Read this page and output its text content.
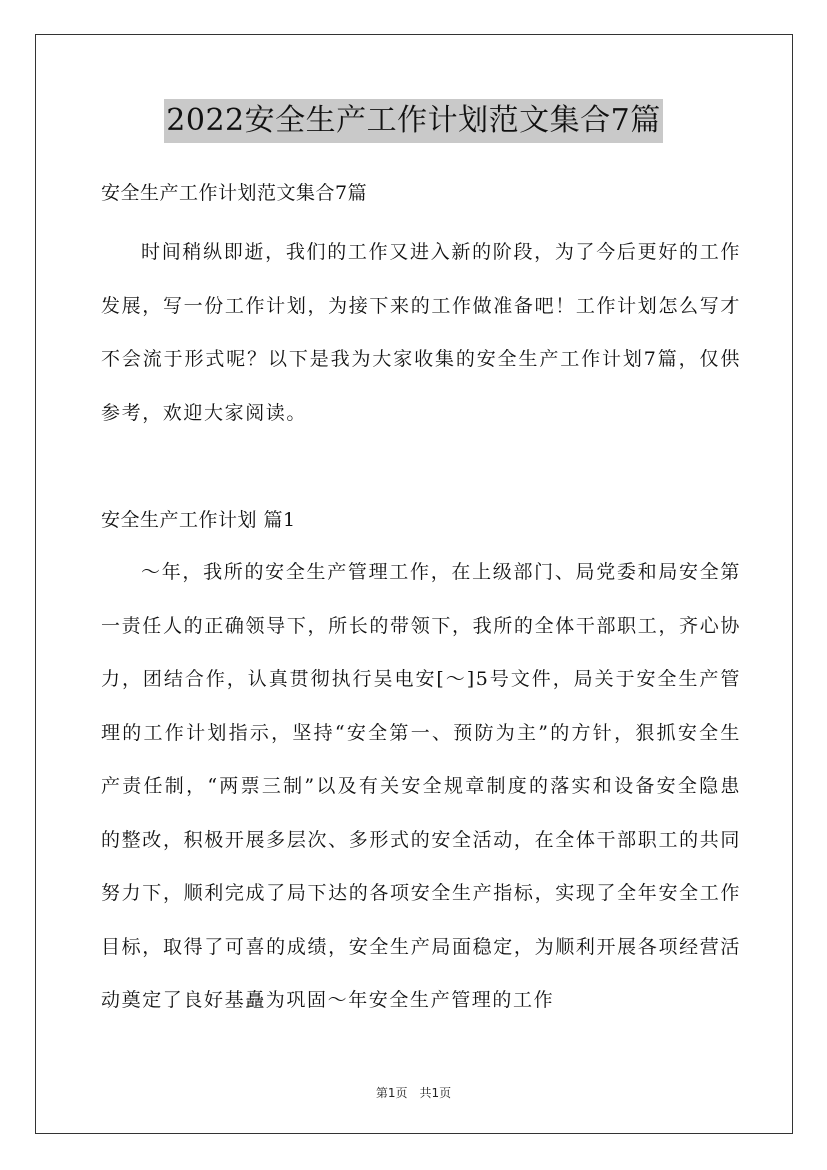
2022安全生产工作计划范文集合7篇

安全生产工作计划范文集合7篇

时间稍纵即逝，我们的工作又进入新的阶段，为了今后更好的工作发展，写一份工作计划，为接下来的工作做准备吧！工作计划怎么写才不会流于形式呢？以下是我为大家收集的安全生产工作计划7篇，仅供参考，欢迎大家阅读。

安全生产工作计划 篇1

～年，我所的安全生产管理工作，在上级部门、局党委和局安全第一责任人的正确领导下，所长的带领下，我所的全体干部职工，齐心协力，团结合作，认真贯彻执行吴电安[～]5号文件，局关于安全生产管理的工作计划指示，坚持“安全第一、预防为主”的方针，狠抓安全生产责任制，“两票三制”以及有关安全规章制度的落实和设备安全隐患的整改，积极开展多层次、多形式的安全活动，在全体干部职工的共同努力下，顺利完成了局下达的各项安全生产指标，实现了全年安全工作目标，取得了可喜的成绩，安全生产局面稳定，为顺利开展各项经营活动奠定了良好基矗为巩固～年安全生产管理的工作

第1页　共1页
